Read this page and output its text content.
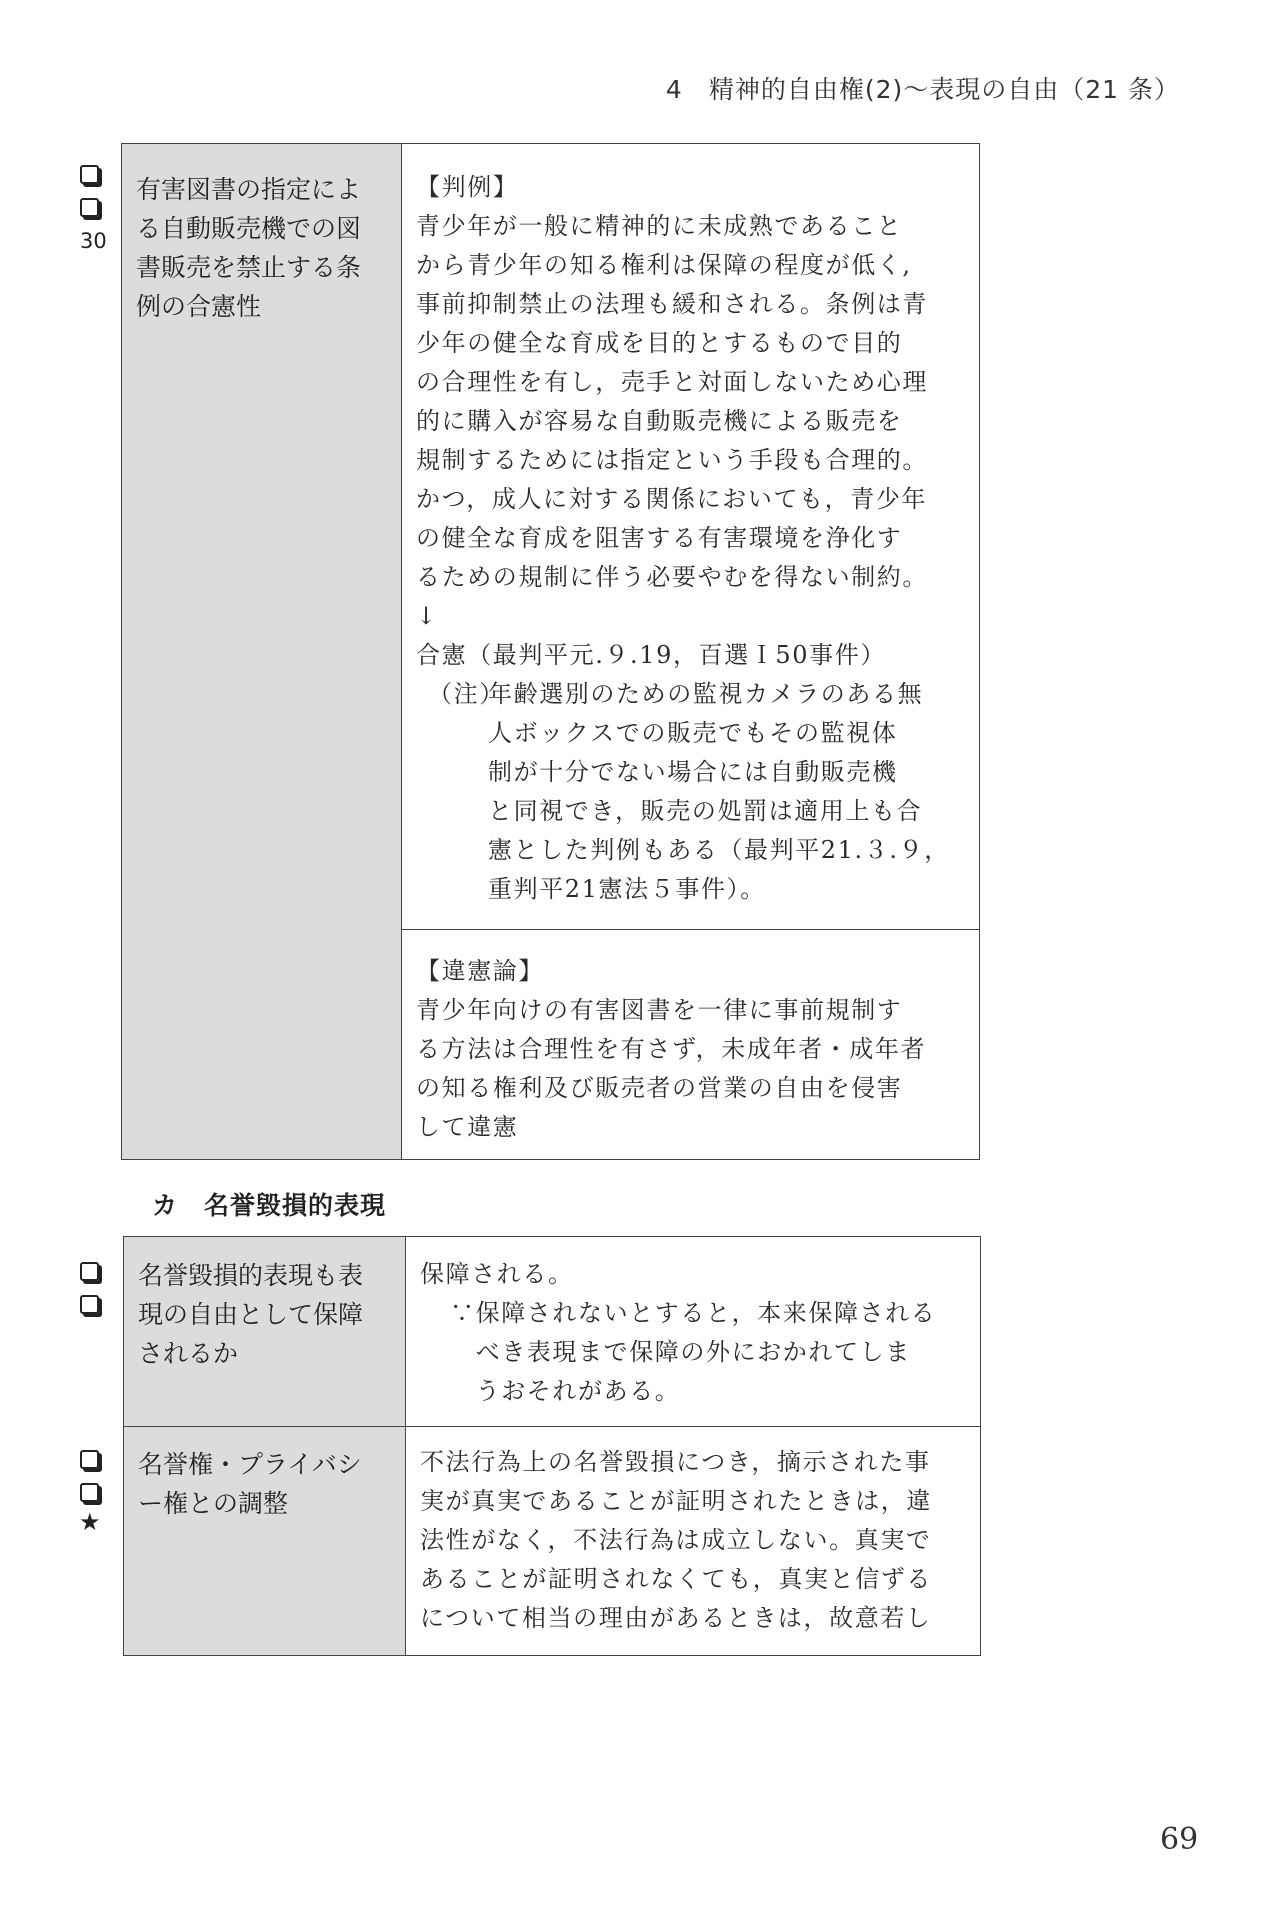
4　精神的自由権(2)〜表現の自由（21 条）
30
有害図書の指定によ
る自動販売機での図
書販売を禁止する条
例の合憲性
【判例】
青少年が一般に精神的に未成熟であること
から青少年の知る権利は保障の程度が低く,
事前抑制禁止の法理も緩和される。条例は青
少年の健全な育成を目的とするもので目的
の合理性を有し，売手と対面しないため心理
的に購入が容易な自動販売機による販売を
規制するためには指定という手段も合理的。
かつ，成人に対する関係においても，青少年
の健全な育成を阻害する有害環境を浄化す
るための規制に伴う必要やむを得ない制約。
↓
合憲（最判平元.９.19，百選Ｉ50事件）
（注）
年齢選別のための監視カメラのある無
人ボックスでの販売でもその監視体
制が十分でない場合には自動販売機
と同視でき，販売の処罰は適用上も合
憲とした判例もある（最判平21.３.９，
重判平21憲法５事件）。
【違憲論】
青少年向けの有害図書を一律に事前規制す
る方法は合理性を有さず，未成年者・成年者
の知る権利及び販売者の営業の自由を侵害
して違憲
カ　名誉毀損的表現
★
名誉毀損的表現も表
現の自由として保障
されるか
保障される。
∵保障されないとすると，本来保障される
　べき表現まで保障の外におかれてしま
　うおそれがある。
名誉権・プライバシ
ー権との調整
不法行為上の名誉毀損につき，摘示された事
実が真実であることが証明されたときは，違
法性がなく，不法行為は成立しない。真実で
あることが証明されなくても，真実と信ずる
について相当の理由があるときは，故意若し
69
